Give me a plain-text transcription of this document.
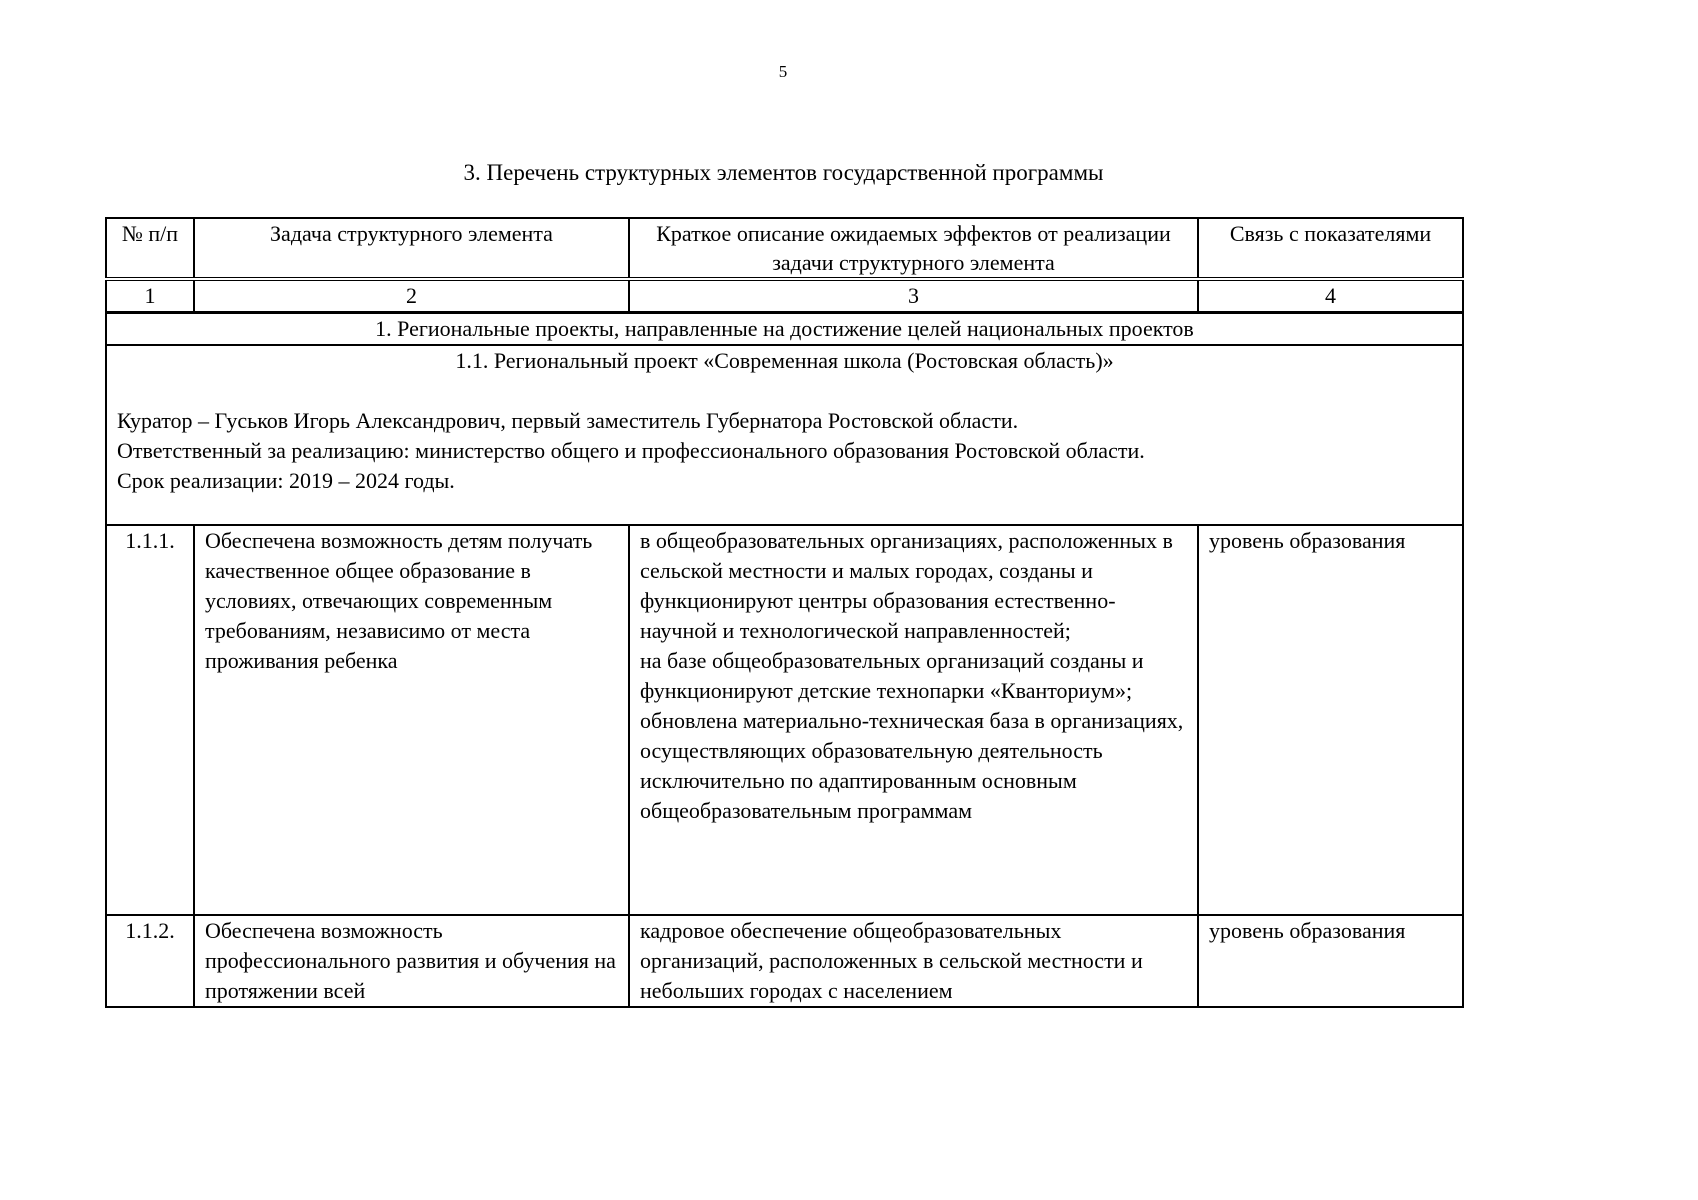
5
3. Перечень структурных элементов государственной программы
№ п/п	Задача структурного элемента	Краткое описание ожидаемых эффектов от реализации задачи структурного элемента	Связь с показателями
1	2	3	4
1. Региональные проекты, направленные на достижение целей национальных проектов			

1.1. Региональный проект «Современная школа (Ростовская область)»
Куратор – Гуськов Игорь Александрович, первый заместитель Губернатора Ростовской области.
Ответственный за реализацию: министерство общего и профессионального образования Ростовской области.
Срок реализации: 2019 – 2024 годы.			

1.1.1.	Обеспечена возможность детям получать качественное общее образование в условиях, отвечающих современным требованиям, независимо от места проживания ребенка	в общеобразовательных организациях, расположенных в сельской местности и малых городах, созданы и функционируют центры образования естественно-научной и технологической направленностей;
на базе общеобразовательных организаций созданы и функционируют детские технопарки «Кванториум»;
обновлена материально-техническая база в организациях, осуществляющих образовательную деятельность исключительно по адаптированным основным общеобразовательным программам	уровень образования
1.1.2.	Обеспечена возможность профессионального развития и обучения на протяжении всей	кадровое обеспечение общеобразовательных организаций, расположенных в сельской местности и небольших городах с населением	уровень образования
